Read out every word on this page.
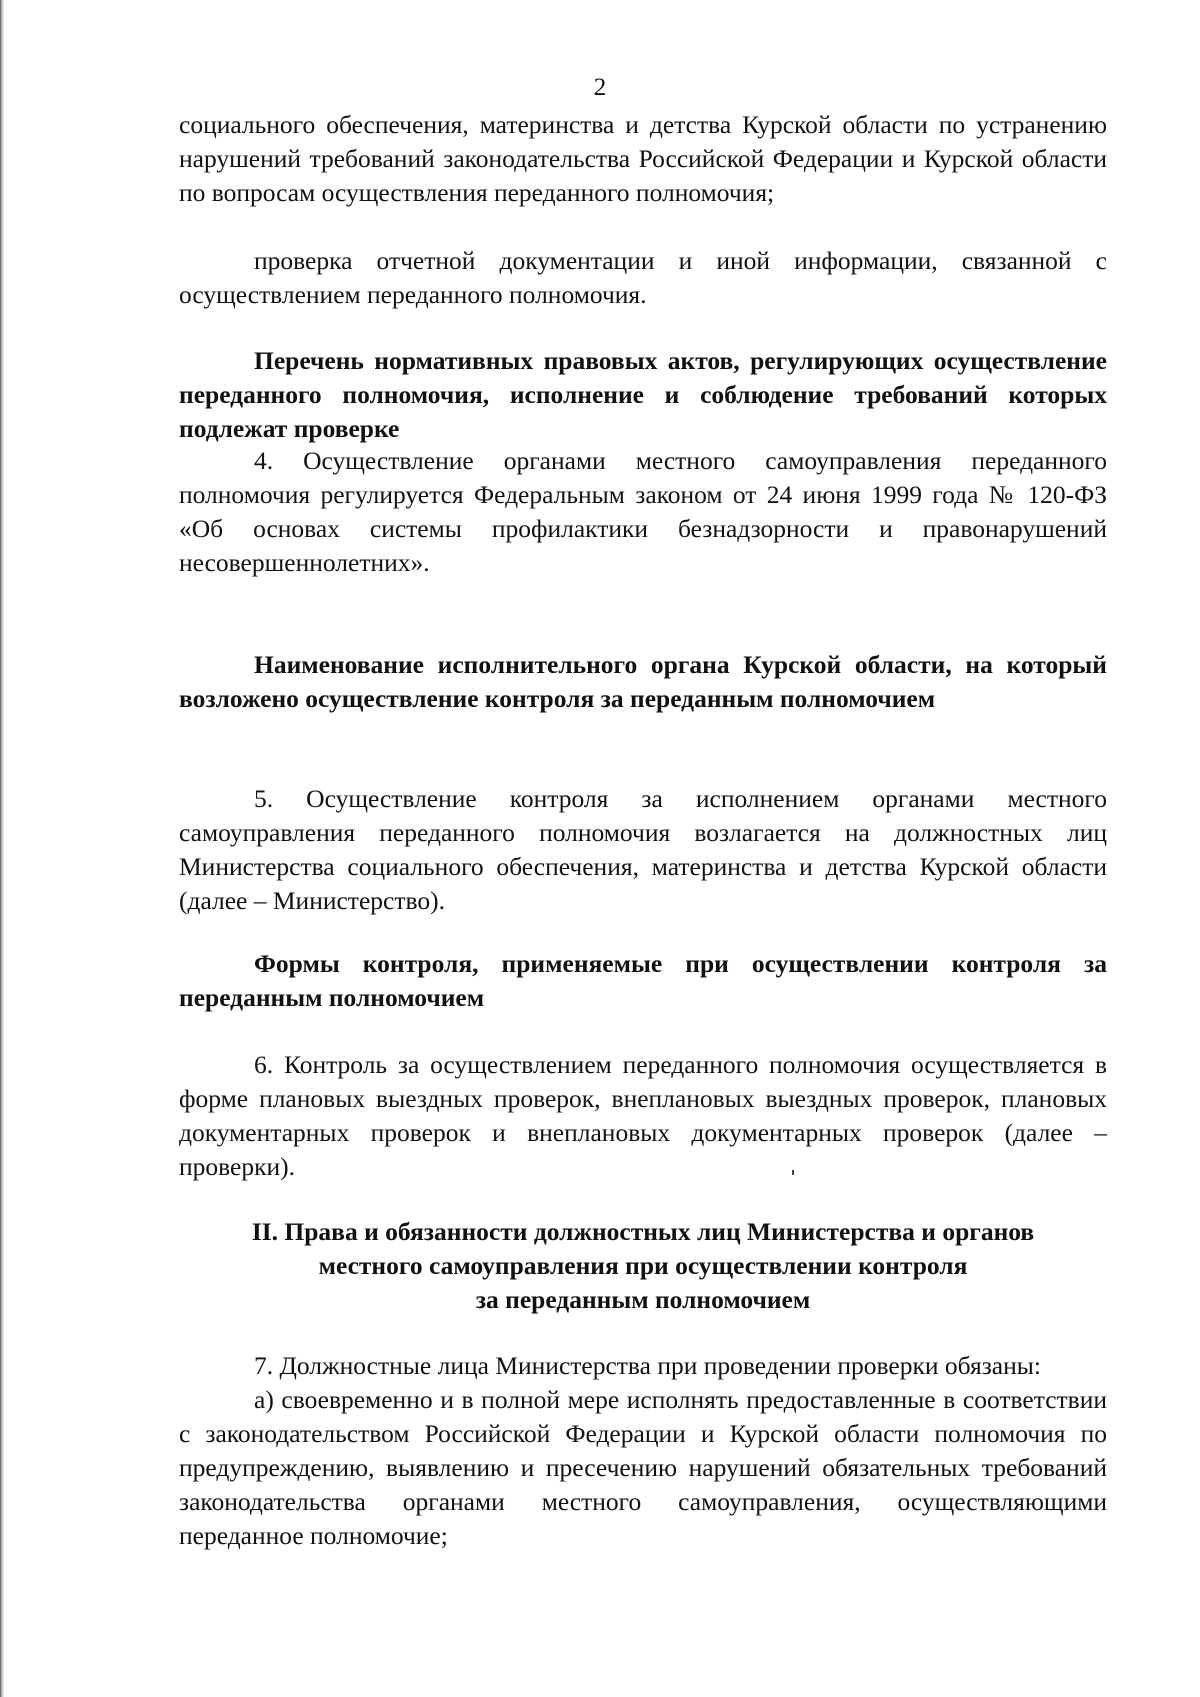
2

социального обеспечения, материнства и детства Курской области по устранению нарушений требований законодательства Российской Федерации и Курской области по вопросам осуществления переданного полномочия;

проверка отчетной документации и иной информации, связанной с осуществлением переданного полномочия.

Перечень нормативных правовых актов, регулирующих осуществление переданного полномочия, исполнение и соблюдение требований которых подлежат проверке

4. Осуществление органами местного самоуправления переданного полномочия регулируется Федеральным законом от 24 июня 1999 года № 120-ФЗ «Об основах системы профилактики безнадзорности и правонарушений несовершеннолетних».

Наименование исполнительного органа Курской области, на который возложено осуществление контроля за переданным полномочием

5. Осуществление контроля за исполнением органами местного самоуправления переданного полномочия возлагается на должностных лиц Министерства социального обеспечения, материнства и детства Курской области (далее – Министерство).

Формы контроля, применяемые при осуществлении контроля за переданным полномочием

6. Контроль за осуществлением переданного полномочия осуществляется в форме плановых выездных проверок, внеплановых выездных проверок, плановых документарных проверок и внеплановых документарных проверок (далее – проверки).

II. Права и обязанности должностных лиц Министерства и органов

местного самоуправления при осуществлении контроля

за переданным полномочием

7. Должностные лица Министерства при проведении проверки обязаны:

а) своевременно и в полной мере исполнять предоставленные в соответствии с законодательством Российской Федерации и Курской области полномочия по предупреждению, выявлению и пресечению нарушений обязательных требований законодательства органами местного самоуправления, осуществляющими переданное полномочие;
